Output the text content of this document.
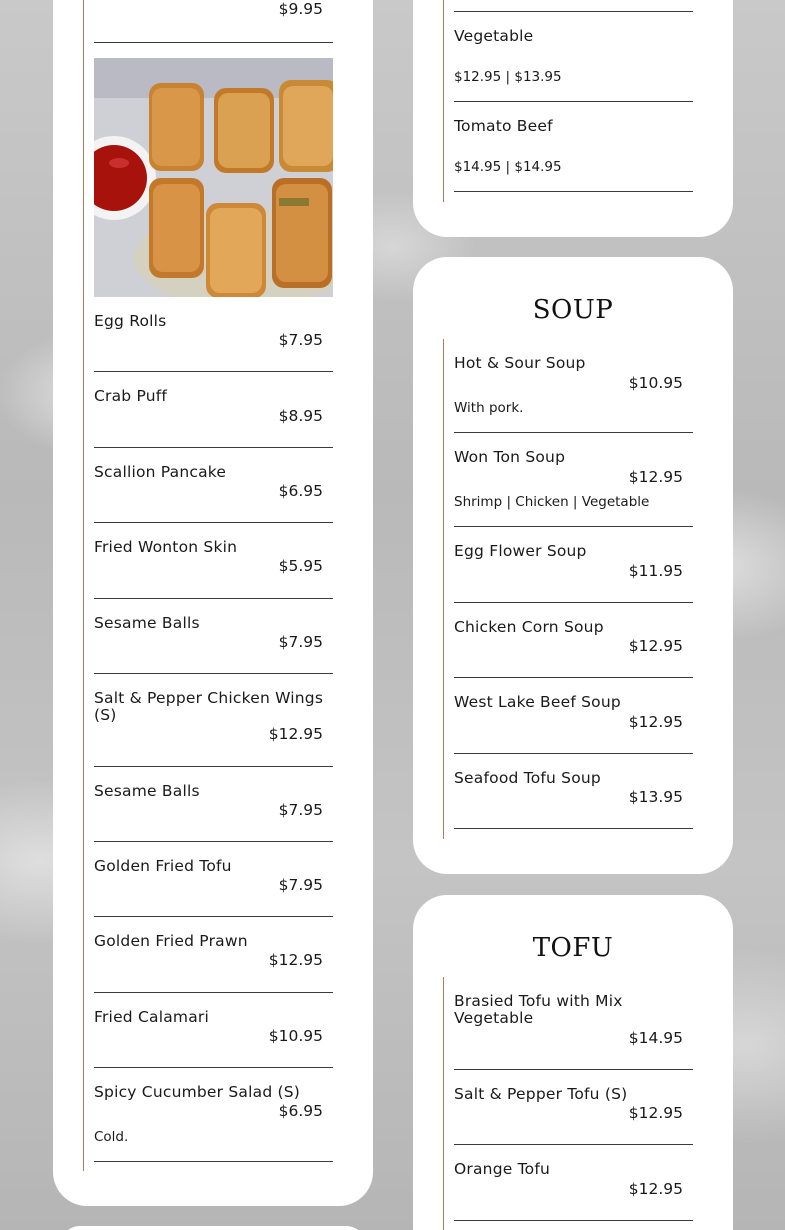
$9.95
Egg Rolls
$7.95
Crab Puff
$8.95
Scallion Pancake
$6.95
Fried Wonton Skin
$5.95
Sesame Balls
$7.95
Salt & Pepper Chicken Wings (S)
$12.95
Sesame Balls
$7.95
Golden Fried Tofu
$7.95
Golden Fried Prawn
$12.95
Fried Calamari
$10.95
Spicy Cucumber Salad (S)
$6.95
Cold.
Vegetable
$12.95 | $13.95
Tomato Beef
$14.95 | $14.95
SOUP
Hot & Sour Soup
$10.95
With pork.
Won Ton Soup
$12.95
Shrimp | Chicken | Vegetable
Egg Flower Soup
$11.95
Chicken Corn Soup
$12.95
West Lake Beef Soup
$12.95
Seafood Tofu Soup
$13.95
TOFU
Brasied Tofu with Mix Vegetable
$14.95
Salt & Pepper Tofu (S)
$12.95
Orange Tofu
$12.95
